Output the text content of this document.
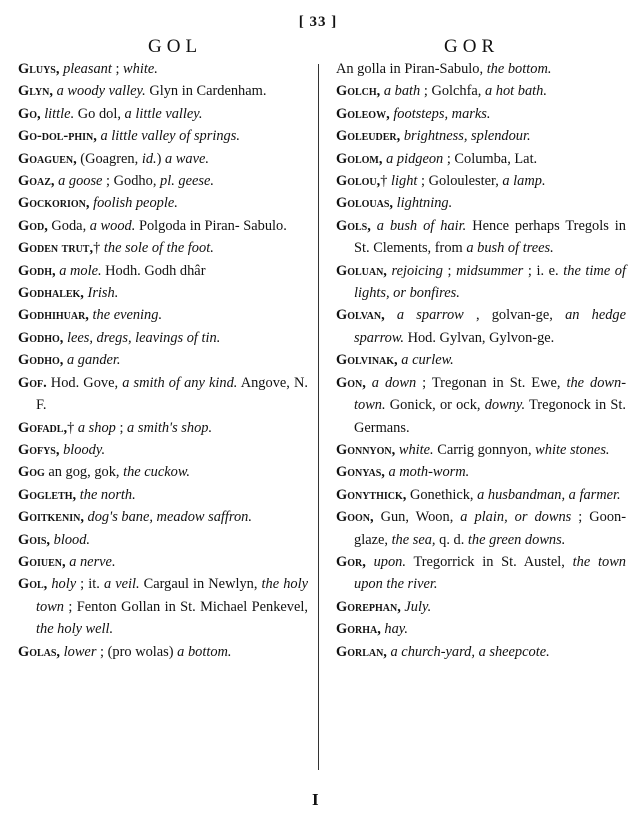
[ 33 ]
GOL	GOR

Gluys, pleasant ; white.

Glyn, a woody valley. Glyn in Cardenham.

Go, little. Go dol, a little valley.

Go-dol-phin, a little valley of springs.

Goaguen, (Goagren, id.) a wave.

Goaz, a goose ; Godho, pl. geese.

Gockorion, foolish people.

God, Goda, a wood. Polgoda in Piran- Sabulo.

Goden trut,† the sole of the foot.

Godh, a mole. Hodh. Godh dhâr

Godhalek, Irish.

Godhihuar, the evening.

Godho, lees, dregs, leavings of tin.

Godho, a gander.

Gof. Hod. Gove, a smith of any kind. Angove, N. F.

Gofadl,† a shop ; a smith's shop.

Gofys, bloody.

Gog an gog, gok, the cuckow.

Gogleth, the north.

Goitkenin, dog's bane, meadow saffron.

Gois, blood.

Goiuen, a nerve.

Gol, holy ; it. a veil. Cargaul in Newlyn, the holy town ; Fenton Gollan in St. Michael Penkevel, the holy well.

Golas, lower ; (pro wolas) a bottom.

An golla in Piran-Sabulo, the bottom.

Golch, a bath ; Golchfa, a hot bath.

Goleow, footsteps, marks.

Goleuder, brightness, splendour.

Golom, a pidgeon ; Columba, Lat.

Golou,† light ; Goloulester, a lamp.

Golouas, lightning.

Gols, a bush of hair. Hence perhaps Tregols in St. Clements, from a bush of trees.

Goluan, rejoicing ; midsummer ; i. e. the time of lights, or bonfires.

Golvan, a sparrow , golvan-ge, an hedge sparrow. Hod. Gylvan, Gylvon-ge.

Golvinak, a curlew.

Gon, a down ; Tregonan in St. Ewe, the down-town. Gonick, or ock, downy. Tregonock in St. Germans.

Gonnyon, white. Carrig gonnyon, white stones.

Gonyas, a moth-worm.

Gonythick, Gonethick, a husbandman, a farmer.

Goon, Gun, Woon, a plain, or downs ; Goon-glaze, the sea, q. d. the green downs.

Gor, upon. Tregorrick in St. Austel, the town upon the river.

Gorephan, July.

Gorha, hay.

Gorlan, a church-yard, a sheepcote.

I
